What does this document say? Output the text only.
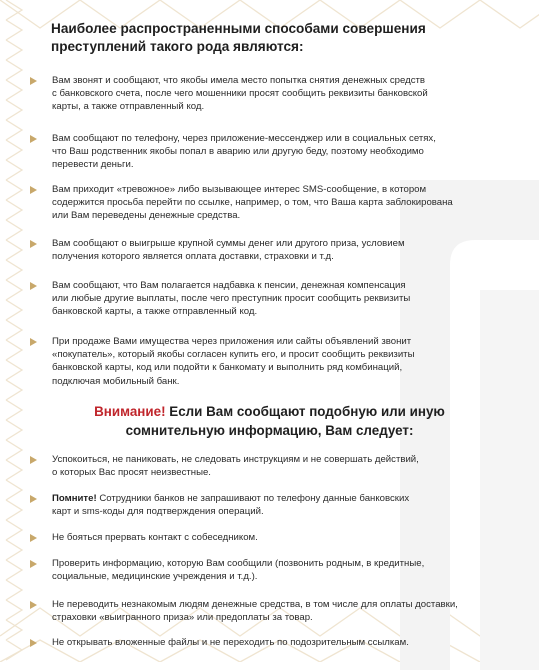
Наиболее распространенными способами совершения
преступлений такого рода являются:
Вам звонят и сообщают, что якобы имела место попытка снятия денежных средств
с банковского счета, после чего мошенники просят сообщить реквизиты банковской
карты, а также отправленный код.
Вам сообщают по телефону, через приложение-мессенджер или в социальных сетях,
что Ваш родственник якобы попал в аварию или другую беду, поэтому необходимо
перевести деньги.
Вам приходит «тревожное» либо вызывающее интерес SMS-сообщение, в котором
содержится просьба перейти по ссылке, например, о том, что Ваша карта заблокирована
или Вам переведены денежные средства.
Вам сообщают о выигрыше крупной суммы денег или другого приза, условием
получения которого является оплата доставки, страховки и т.д.
Вам сообщают, что Вам полагается надбавка к пенсии, денежная компенсация
или любые другие выплаты, после чего преступник просит сообщить реквизиты
банковской карты, а также отправленный код.
При продаже Вами имущества через приложения или сайты объявлений звонит
«покупатель», который якобы согласен купить его, и просит сообщить реквизиты
банковской карты, код или подойти к банкомату и выполнить ряд комбинаций,
подключая мобильный банк.
Внимание! Если Вам сообщают подобную или иную
сомнительную информацию, Вам следует:
Успокоиться, не паниковать, не следовать инструкциям и не совершать действий,
о которых Вас просят неизвестные.
Помните! Сотрудники банков не запрашивают по телефону данные банковских
карт и sms-коды для подтверждения операций.
Не бояться прервать контакт с собеседником.
Проверить информацию, которую Вам сообщили (позвонить родным, в кредитные,
социальные, медицинские учреждения и т.д.).
Не переводить незнакомым людям денежные средства, в том числе для оплаты доставки,
страховки «выигранного приза» или предоплаты за товар.
Не открывать вложенные файлы и не переходить по подозрительным ссылкам.
